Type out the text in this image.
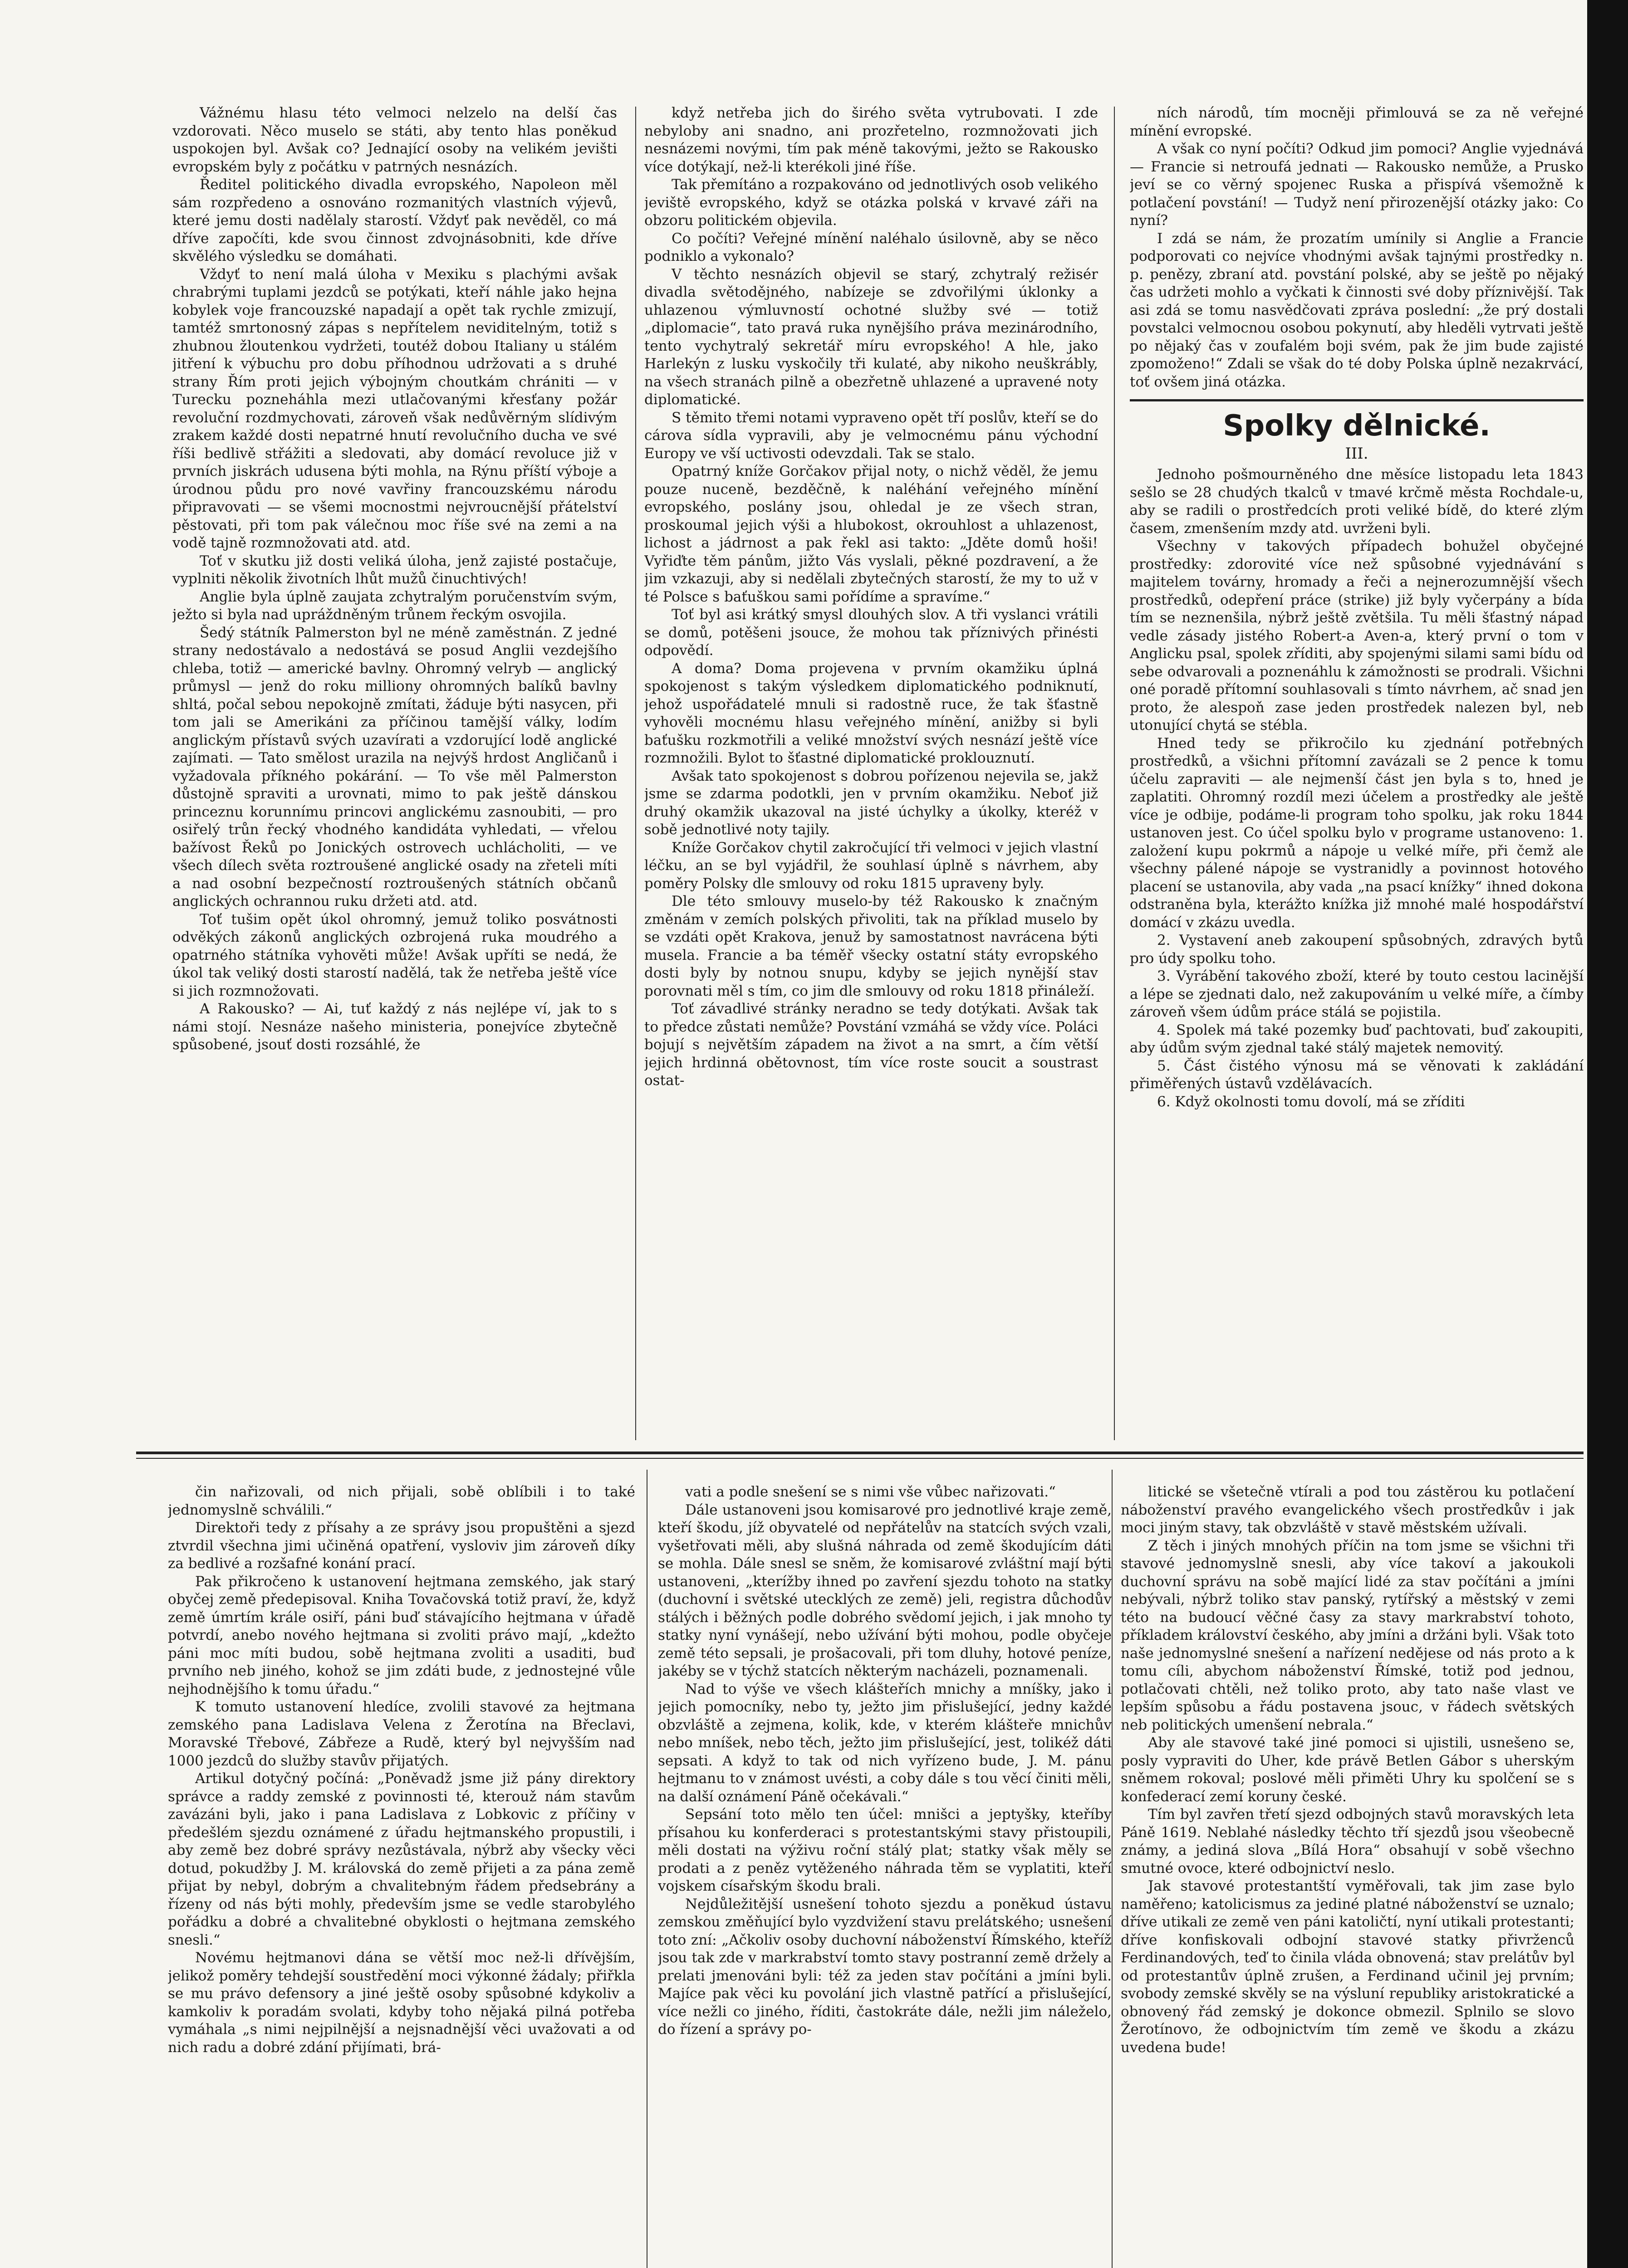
Vážnému hlasu této velmoci nelzelo na delší čas vzdorovati. Něco muselo se státi, aby tento hlas poněkud uspokojen byl. Avšak co? Jednající osoby na velikém jevišti evropském byly z počátku v patrných nesnázích.

Ředitel politického divadla evropského, Napoleon měl sám rozpředeno a osnováno rozmanitých vlastních výjevů, které jemu dosti nadělaly starostí. Vždyť pak nevěděl, co má dříve započíti, kde svou činnost zdvojnásobniti, kde dříve skvělého výsledku se domáhati.

Vždyť to není malá úloha v Mexiku s plachými avšak chrabrými tuplami jezdců se potýkati, kteří náhle jako hejna kobylek voje francouzské napadají a opět tak rychle zmizují, tamtéž smrtonosný zápas s nepřítelem neviditelným, totiž s zhubnou žloutenkou vydržeti, toutéž dobou Italiany u stálém jitření k výbuchu pro dobu příhodnou udržovati a s druhé strany Řím proti jejich výbojným choutkám chrániti — v Turecku pozneháhla mezi utlačovanými křesťany požár revoluční rozdmychovati, zároveň však nedůvěrným slídivým zrakem každé dosti nepatrné hnutí revolučního ducha ve své říši bedlivě střážiti a sledovati, aby domácí revoluce již v prvních jiskrách udusena býti mohla, na Rýnu příští výboje a úrodnou půdu pro nové vavřiny francouzskému národu připravovati — se všemi mocnostmi nejvroucnější přátelství pěstovati, při tom pak válečnou moc říše své na zemi a na vodě tajně rozmnožovati atd. atd.

Toť v skutku již dosti veliká úloha, jenž zajisté postačuje, vyplniti několik životních lhůt mužů činuchtivých!

Anglie byla úplně zaujata zchytralým poručenstvím svým, ježto si byla nad upráždněným trůnem řeckým osvojila.

Šedý státník Palmerston byl ne méně zaměstnán. Z jedné strany nedostávalo a nedostává se posud Anglii vezdejšího chleba, totiž — americké bavlny. Ohromný velryb — anglický průmysl — jenž do roku milliony ohromných balíků bavlny shltá, počal sebou nepokojně zmítati, žáduje býti nasycen, při tom jali se Amerikáni za příčinou tamější války, lodím anglickým přístavů svých uzavírati a vzdorující lodě anglické zajímati. — Tato smělost urazila na nejvýš hrdost Angličanů i vyžadovala příkného pokárání. — To vše měl Palmerston důstojně spraviti a urovnati, mimo to pak ještě dánskou princeznu korunnímu princovi anglickému zasnoubiti, — pro osiřelý trůn řecký vhodného kandidáta vyhledati, — vřelou bažívost Řeků po Jonických ostrovech uchlácholiti, — ve všech dílech světa roztroušené anglické osady na zřeteli míti a nad osobní bezpečností roztroušených státních občanů anglických ochrannou ruku držeti atd. atd.

Toť tušim opět úkol ohromný, jemuž toliko posvátnosti odvěkých zákonů anglických ozbrojená ruka moudrého a opatrného státníka vyhověti může! Avšak upříti se nedá, že úkol tak veliký dosti starostí nadělá, tak že netřeba ještě více si jich rozmnožovati.

A Rakousko? — Ai, tuť každý z nás nejlépe ví, jak to s námi stojí. Nesnáze našeho ministeria, ponejvíce zbytečně spůsobené, jsouť dosti rozsáhlé, že

když netřeba jich do širého světa vytrubovati. I zde nebyloby ani snadno, ani prozřetelno, rozmnožovati jich nesnázemi novými, tím pak méně takovými, ježto se Rakousko více dotýkají, než-li kterékoli jiné říše.

Tak přemítáno a rozpakováno od jednotlivých osob velikého jeviště evropského, když se otázka polská v krvavé záři na obzoru politickém objevila.

Co počíti? Veřejné mínění naléhalo úsilovně, aby se něco podniklo a vykonalo?

V těchto nesnázích objevil se starý, zchytralý režisér divadla světodějného, nabízeje se zdvořilými úklonky a uhlazenou výmluvností ochotné služby své — totiž „diplomacie“, tato pravá ruka nynějšího práva mezinárodního, tento vychytralý sekretář míru evropského! A hle, jako Harlekýn z lusku vyskočily tři kulaté, aby nikoho neuškrábly, na všech stranách pilně a obezřetně uhlazené a upravené noty diplomatické.

S těmito třemi notami vypraveno opět tří poslův, kteří se do cárova sídla vypravili, aby je velmocnému pánu východní Europy ve vší uctivosti odevzdali. Tak se stalo.

Opatrný kníže Gorčakov přijal noty, o nichž věděl, že jemu pouze nuceně, bezděčně, k naléhání veřejného mínění evropského, poslány jsou, ohledal je ze všech stran, proskoumal jejich výši a hlubokost, okrouhlost a uhlazenost, lichost a jádrnost a pak řekl asi takto: „Jděte domů hoši! Vyřiďte těm pánům, jižto Vás vyslali, pěkné pozdravení, a že jim vzkazuji, aby si nedělali zbytečných starostí, že my to už v té Polsce s baťuškou sami pořídíme a spravíme.“

Toť byl asi krátký smysl dlouhých slov. A tři vyslanci vrátili se domů, potěšeni jsouce, že mohou tak příznivých přinésti odpovědí.

A doma? Doma projevena v prvním okamžiku úplná spokojenost s takým výsledkem diplomatického podniknutí, jehož uspořádatelé mnuli si radostně ruce, že tak šťastně vyhověli mocnému hlasu veřejného mínění, anižby si byli baťušku rozkmotřili a veliké množství svých nesnází ještě více rozmnožili. Bylot to šťastné diplomatické proklouznutí.

Avšak tato spokojenost s dobrou pořízenou nejevila se, jakž jsme se zdarma podotkli, jen v prvním okamžiku. Neboť již druhý okamžik ukazoval na jisté úchylky a úkolky, kteréž v sobě jednotlivé noty tajily.

Kníže Gorčakov chytil zakročující tři velmoci v jejich vlastní léčku, an se byl vyjádřil, že souhlasí úplně s návrhem, aby poměry Polsky dle smlouvy od roku 1815 upraveny byly.

Dle této smlouvy muselo-by též Rakousko k značným změnám v zemích polských přivoliti, tak na příklad muselo by se vzdáti opět Krakova, jenuž by samostatnost navrácena býti musela. Francie a ba téměř všecky ostatní státy evropského dosti byly by notnou snupu, kdyby se jejich nynější stav porovnati měl s tím, co jim dle smlouvy od roku 1818 přináleží.

Toť závadlivé stránky neradno se tedy dotýkati. Avšak tak to předce zůstati nemůže? Povstání vzmáhá se vždy více. Poláci bojují s největším západem na život a na smrt, a čím větší jejich hrdinná obětovnost, tím více roste soucit a soustrast ostat-

ních národů, tím mocněji přimlouvá se za ně veřejné mínění evropské.

A však co nyní počíti? Odkud jim pomoci? Anglie vyjednává — Francie si netroufá jednati — Rakousko nemůže, a Prusko jeví se co věrný spojenec Ruska a přispívá všemožně k potlačení povstání! — Tudyž není přirozenější otázky jako: Co nyní?

I zdá se nám, že prozatím umínily si Anglie a Francie podporovati co nejvíce vhodnými avšak tajnými prostředky n. p. penězy, zbraní atd. povstání polské, aby se ještě po nějaký čas udržeti mohlo a vyčkati k činnosti své doby příznivější. Tak asi zdá se tomu nasvědčovati zpráva poslední: „že prý dostali povstalci velmocnou osobou pokynutí, aby hleděli vytrvati ještě po nějaký čas v zoufalém boji svém, pak že jim bude zajisté zpomoženo!“ Zdali se však do té doby Polska úplně nezakrvácí, toť ovšem jiná otázka.

Spolky dělnické.
III.

Jednoho pošmourněného dne měsíce listopadu leta 1843 sešlo se 28 chudých tkalců v tmavé krčmě města Rochdale-u, aby se radili o prostředcích proti veliké bídě, do které zlým časem, zmenšením mzdy atd. uvrženi byli.

Všechny v takových případech bohužel obyčejné prostředky: zdorovité více než spůsobné vyjednávání s majitelem továrny, hromady a řeči a nejnerozumnější všech prostředků, odepření práce (strike) již byly vyčerpány a bída tím se neznenšila, nýbrž ještě zvětšila. Tu měli šťastný nápad vedle zásady jistého Robert-a Aven-a, který první o tom v Anglicku psal, spolek zříditi, aby spojenými silami sami bídu od sebe odvarovali a poznenáhlu k zámožnosti se prodrali. Všichni oné poradě přítomní souhlasovali s tímto návrhem, ač snad jen proto, že alespoň zase jeden prostředek nalezen byl, neb utonující chytá se stébla.

Hned tedy se přikročilo ku zjednání potřebných prostředků, a všichni přítomní zavázali se 2 pence k tomu účelu zapraviti — ale nejmenší část jen byla s to, hned je zaplatiti. Ohromný rozdíl mezi účelem a prostředky ale ještě více je odbije, podáme-li program toho spolku, jak roku 1844 ustanoven jest. Co účel spolku bylo v programe ustanoveno: 1. založení kupu pokrmů a nápoje u velké míře, při čemž ale všechny pálené nápoje se vystranidly a povinnost hotového placení se ustanovila, aby vada „na psací knížky“ ihned dokona odstraněna byla, kterážto knížka již mnohé malé hospodářství domácí v zkázu uvedla.

2. Vystavení aneb zakoupení spůsobných, zdravých bytů pro údy spolku toho.

3. Vyrábění takového zboží, které by touto cestou lacinější a lépe se zjednati dalo, než zakupováním u velké míře, a čímby zároveň všem údům práce stálá se pojistila.

4. Spolek má také pozemky buď pachtovati, buď zakoupiti, aby údům svým zjednal také stálý majetek nemovitý.

5. Část čistého výnosu má se věnovati k zakládání přiměřených ústavů vzdělávacích.

6. Když okolnosti tomu dovolí, má se zříditi

čin nařizovali, od nich přijali, sobě oblíbili i to také jednomyslně schválili.“

Direktoři tedy z přísahy a ze správy jsou propuštěni a sjezd ztvrdil všechna jimi učiněná opatření, vysloviv jim zároveň díky za bedlivé a rozšafné konání prací.

Pak přikročeno k ustanovení hejtmana zemského, jak starý obyčej země předepisoval. Kniha Tovačovská totiž praví, že, když země úmrtím krále osiří, páni buď stávajícího hejtmana v úřadě potvrdí, anebo nového hejtmana si zvoliti právo mají, „kdežto páni moc míti budou, sobě hejtmana zvoliti a usaditi, buď prvního neb jiného, kohož se jim zdáti bude, z jednostejné vůle nejhodnějšího k tomu úřadu.“

K tomuto ustanovení hledíce, zvolili stavové za hejtmana zemského pana Ladislava Velena z Žerotína na Břeclavi, Moravské Třebové, Zábřeze a Rudě, který byl nejvyšším nad 1000 jezdců do služby stavův přijatých.

Artikul dotyčný počíná: „Poněvadž jsme již pány direktory správce a raddy zemské z povinnosti té, kterouž nám stavům zavázáni byli, jako i pana Ladislava z Lobkovic z příčiny v předešlém sjezdu oznámené z úřadu hejtmanského propustili, i aby země bez dobré správy nezůstávala, nýbrž aby všecky věci dotud, pokudžby J. M. královská do země přijeti a za pána země přijat by nebyl, dobrým a chvalitebným řádem předsebrány a řízeny od nás býti mohly, především jsme se vedle starobylého pořádku a dobré a chvalitebné obyklosti o hejtmana zemského snesli.“

Novému hejtmanovi dána se větší moc než-li dřívějším, jelikož poměry tehdejší soustředění moci výkonné žádaly; přiřkla se mu právo defensory a jiné ještě osoby spůsobné kdykoliv a kamkoliv k poradám svolati, kdyby toho nějaká pilná potřeba vymáhala „s nimi nejpilnější a nejsnadnější věci uvažovati a od nich radu a dobré zdání přijímati, brá-

vati a podle snešení se s nimi vše vůbec nařizovati.“

Dále ustanoveni jsou komisarové pro jednotlivé kraje země, kteří škodu, jíž obyvatelé od nepřátelův na statcích svých vzali, vyšetřovati měli, aby slušná náhrada od země škodujícím dáti se mohla. Dále snesl se sněm, že komisarové zvláštní mají býti ustanoveni, „kterížby ihned po zavření sjezdu tohoto na statky (duchovní i světské utecklých ze země) jeli, registra důchodův stálých i běžných podle dobrého svědomí jejich, i jak mnoho ty statky nyní vynášejí, nebo užívání býti mohou, podle obyčeje země této sepsali, je prošacovali, při tom dluhy, hotové peníze, jakéby se v týchž statcích některým nacházeli, poznamenali.

Nad to výše ve všech klášteřích mnichy a mníšky, jako i jejich pomocníky, nebo ty, ježto jim přislušející, jedny každé obzvláště a zejmena, kolik, kde, v kterém klášteře mnichův nebo mníšek, nebo těch, ježto jim přislušející, jest, tolikéž dáti sepsati. A když to tak od nich vyřízeno bude, J. M. pánu hejtmanu to v známost uvésti, a coby dále s tou věcí činiti měli, na další oznámení Páně očekávali.“

Sepsání toto mělo ten účel: mnišci a jeptyšky, kteříby přísahou ku konferderaci s protestantskými stavy přistoupili, měli dostati na výživu roční stálý plat; statky však měly se prodati a z peněz vytěženého náhrada těm se vyplatiti, kteří vojskem císařským škodu brali.

Nejdůležitější usnešení tohoto sjezdu a poněkud ústavu zemskou změňující bylo vyzdvižení stavu prelátského; usnešení toto zní: „Ačkoliv osoby duchovní náboženství Římského, kteříž jsou tak zde v markrabství tomto stavy postranní země držely a prelati jmenováni byli: též za jeden stav počítáni a jmíni byli. Majíce pak věci ku povolání jich vlastně patřící a přislušející, více nežli co jiného, říditi, častokráte dále, nežli jim náleželo, do řízení a správy po-

litické se všetečně vtírali a pod tou zástěrou ku potlačení náboženství pravého evangelického všech prostředkův i jak moci jiným stavy, tak obzvláště v stavě městském užívali.

Z těch i jiných mnohých příčin na tom jsme se všichni tři stavové jednomyslně snesli, aby více takoví a jakoukoli duchovní správu na sobě mající lidé za stav počítáni a jmíni nebývali, nýbrž toliko stav panský, rytířský a městský v zemi této na budoucí věčné časy za stavy markrabství tohoto, příkladem království českého, aby jmíni a držáni byli. Však toto naše jednomyslné snešení a nařízení nedějese od nás proto a k tomu cíli, abychom náboženství Římské, totiž pod jednou, potlačovati chtěli, než toliko proto, aby tato naše vlast ve lepším spůsobu a řádu postavena jsouc, v řádech světských neb politických umenšení nebrala.“

Aby ale stavové také jiné pomoci si ujistili, usnešeno se, posly vypraviti do Uher, kde právě Betlen Gábor s uherským sněmem rokoval; poslové měli přiměti Uhry ku spolčení se s konfederací zemí koruny české.

Tím byl zavřen třetí sjezd odbojných stavů moravských leta Páně 1619. Neblahé následky těchto tří sjezdů jsou všeobecně známy, a jediná slova „Bílá Hora“ obsahují v sobě všechno smutné ovoce, které odbojnictví neslo.

Jak stavové protestantští vyměřovali, tak jim zase bylo naměřeno; katolicismus za jediné platné náboženství se uznalo; dříve utikali ze země ven páni katoličtí, nyní utikali protestanti; dříve konfiskovali odbojní stavové statky přivrženců Ferdinandových, teď to činila vláda obnovená; stav prelátův byl od protestantův úplně zrušen, a Ferdinand učinil jej prvním; svobody zemské skvěly se na výsluní republiky aristokratické a obnovený řád zemský je dokonce obmezil. Splnilo se slovo Žerotínovo, že odbojnictvím tím země ve škodu a zkázu uvedena bude!
